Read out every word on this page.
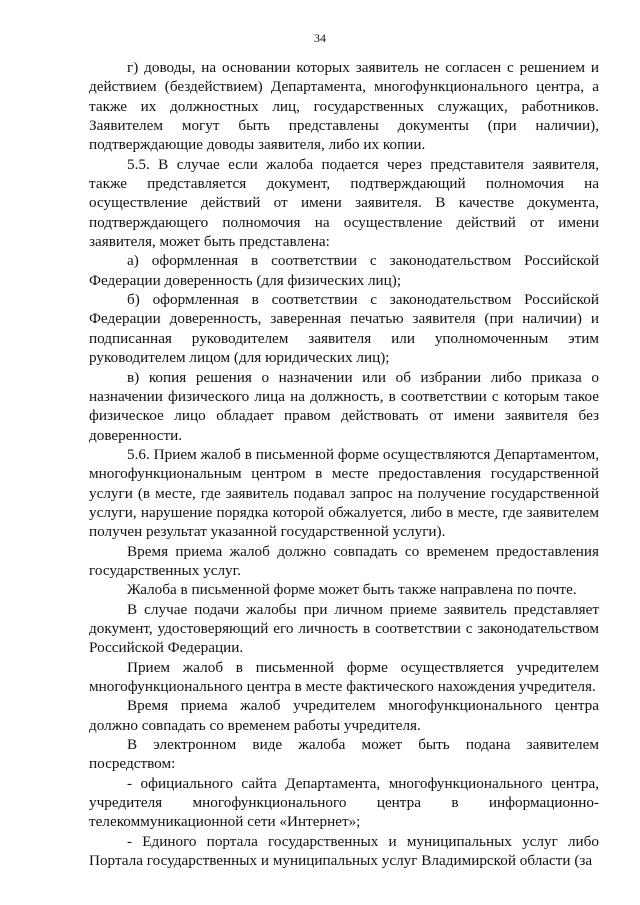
34

г) доводы, на основании которых заявитель не согласен с решением и действием (бездействием) Департамента, многофункционального центра, а также их должностных лиц, государственных служащих, работников. Заявителем могут быть представлены документы (при наличии), подтверждающие доводы заявителя, либо их копии.

5.5. В случае если жалоба подается через представителя заявителя, также представляется документ, подтверждающий полномочия на осуществление действий от имени заявителя. В качестве документа, подтверждающего полномочия на осуществление действий от имени заявителя, может быть представлена:

а) оформленная в соответствии с законодательством Российской Федерации доверенность (для физических лиц);

б) оформленная в соответствии с законодательством Российской Федерации доверенность, заверенная печатью заявителя (при наличии) и подписанная руководителем заявителя или уполномоченным этим руководителем лицом (для юридических лиц);

в) копия решения о назначении или об избрании либо приказа о назначении физического лица на должность, в соответствии с которым такое физическое лицо обладает правом действовать от имени заявителя без доверенности.

5.6. Прием жалоб в письменной форме осуществляются Департаментом, многофункциональным центром в месте предоставления государственной услуги (в месте, где заявитель подавал запрос на получение государственной услуги, нарушение порядка которой обжалуется, либо в месте, где заявителем получен результат указанной государственной услуги).

Время приема жалоб должно совпадать со временем предоставления государственных услуг.

Жалоба в письменной форме может быть также направлена по почте.

В случае подачи жалобы при личном приеме заявитель представляет документ, удостоверяющий его личность в соответствии с законодательством Российской Федерации.

Прием жалоб в письменной форме осуществляется учредителем многофункционального центра в месте фактического нахождения учредителя.

Время приема жалоб учредителем многофункционального центра должно совпадать со временем работы учредителя.

В электронном виде жалоба может быть подана заявителем посредством:

- официального сайта Департамента, многофункционального центра, учредителя многофункционального центра в информационно-телекоммуникационной сети «Интернет»;

- Единого портала государственных и муниципальных услуг либо Портала государственных и муниципальных услуг Владимирской области (за
